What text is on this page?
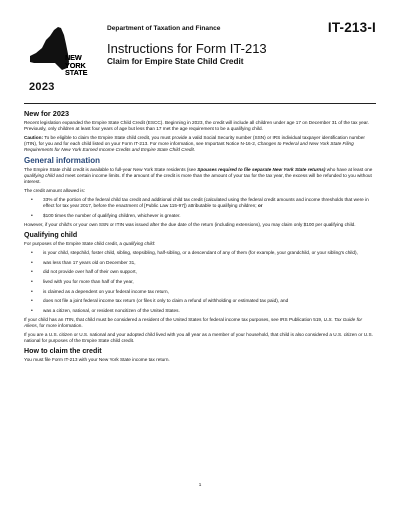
NEW
YORK
STATE
2023
Department of Taxation and Finance	IT-213-I
Instructions for Form IT-213
Claim for Empire State Child Credit
New for 2023

Recent legislation expanded the Empire State Child Credit (ESCC). Beginning in 2023, the credit will include all children under age 17 on December 31 of the tax year. Previously, only children at least four years of age but less than 17 met the age requirement to be a qualifying child.

Caution: To be eligible to claim the Empire State child credit, you must provide a valid Social Security number (SSN) or IRS individual taxpayer identification number (ITIN), for you and for each child listed on your Form IT-213. For more information, see Important Notice N-16-2, Changes to Federal and New York State Filing Requirements for New York Earned Income Credits and Empire State Child Credit.

General information

The Empire State child credit is available to full-year New York State residents (see Spouses required to file separate New York State returns) who have at least one qualifying child and meet certain income limits. If the amount of the credit is more than the amount of your tax for the tax year, the excess will be refunded to you without interest.

The credit amount allowed is:

• 33% of the portion of the federal child tax credit and additional child tax credit (calculated using the federal credit amounts and income thresholds that were in effect for tax year 2017, before the enactment of [Public Law 115-97]) attributable to qualifying children; or
• $100 times the number of qualifying children, whichever is greater.

However, if your child's or your own SSN or ITIN was issued after the due date of the return (including extensions), you may claim only $100 per qualifying child.

Qualifying child

For purposes of the Empire State child credit, a qualifying child:

• is your child, stepchild, foster child, sibling, stepsibling, half-sibling, or a descendant of any of them (for example, your grandchild, or your sibling's child),
• was less than 17 years old on December 31,
• did not provide over half of their own support,
• lived with you for more than half of the year,
• is claimed as a dependent on your federal income tax return,
• does not file a joint federal income tax return (or files it only to claim a refund of withholding or estimated tax paid), and
• was a citizen, national, or resident noncitizen of the United States.

If your child has an ITIN, that child must be considered a resident of the United States for federal income tax purposes, see IRS Publication 519, U.S. Tax Guide for Aliens, for more information.

If you are a U.S. citizen or U.S. national and your adopted child lived with you all year as a member of your household, that child is also considered a U.S. citizen or U.S. national for purposes of the Empire State child credit.

How to claim the credit

You must file Form IT-213 with your New York State income tax return.

1
